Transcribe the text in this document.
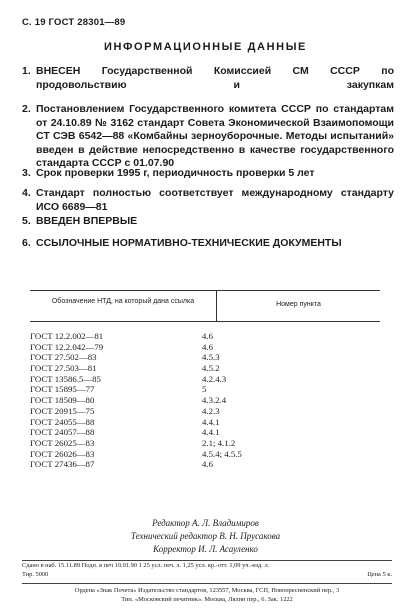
С. 19 ГОСТ 28301—89
ИНФОРМАЦИОННЫЕ ДАННЫЕ
1. ВНЕСЕН Государственной Комиссией СМ СССР по продовольствию и закупкам
2. Постановлением Государственного комитета СССР по стандартам от 24.10.89 № 3162 стандарт Совета Экономической Взаимопомощи СТ СЭВ 6542—88 «Комбайны зерноуборочные. Методы испытаний» введен в действие непосредственно в качестве государственного стандарта СССР с 01.07.90
3. Срок проверки 1995 г, периодичность проверки 5 лет
4. Стандарт полностью соответствует международному стандарту ИСО 6689—81
5. ВВЕДЕН ВПЕРВЫЕ
6. ССЫЛОЧНЫЕ НОРМАТИВНО-ТЕХНИЧЕСКИЕ ДОКУМЕНТЫ
Обозначение НТД, на который дана ссылка	Номер пункта
ГОСТ 12.2.002—81	4.6
ГОСТ 12.2.042—79	4.6
ГОСТ 27.502—83	4.5.3
ГОСТ 27.503—81	4.5.2
ГОСТ 13586.5—85	4.2.4.3
ГОСТ 15895—77	5
ГОСТ 18509—80	4.3.2.4
ГОСТ 20915—75	4.2.3
ГОСТ 24055—88	4.4.1
ГОСТ 24057—88	4.4.1
ГОСТ 26025—83	2.1; 4.1.2
ГОСТ 26026—83	4.5.4; 4.5.5
ГОСТ 27436—87	4.6
Редактор А. Л. Владимиров
Технический редактор В. Н. Прусакова
Корректор И. Л. Асауленко
Сдано в наб. 15.11.89 Подп. в печ 10.01.90 1 25 усл. печ. л. 1,25 усл. кр.-отт. 1,09 уч.-изд. л.
Тир. 5000	Цена 5 к.
Ордена «Знак Почета» Издательство стандартов, 123557, Москва, ГСП, Новопресненский пер., 3
Тип. «Московский печатник». Москва, Лялин пер., 6. Зак. 1222
